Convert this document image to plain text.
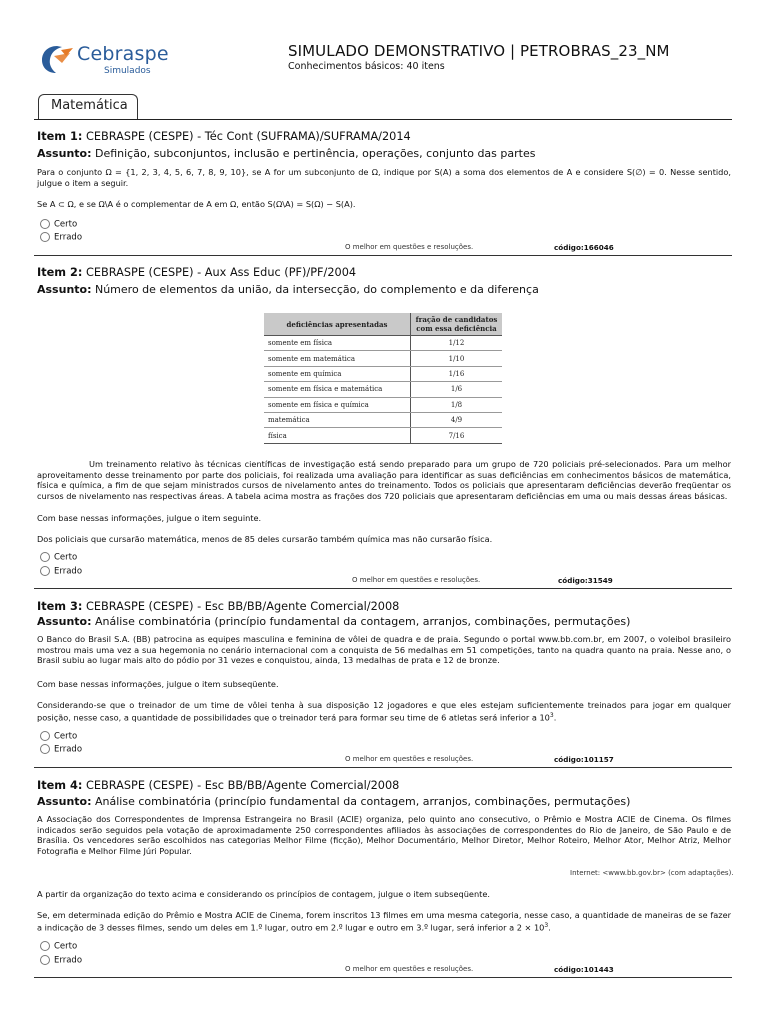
Cebraspe
Simulados
SIMULADO DEMONSTRATIVO | PETROBRAS_23_NM
Conhecimentos básicos: 40 itens
Matemática
Item 1: CEBRASPE (CESPE) - Téc Cont (SUFRAMA)/SUFRAMA/2014
Assunto: Definição, subconjuntos, inclusão e pertinência, operações, conjunto das partes
Para o conjunto Ω = {1, 2, 3, 4, 5, 6, 7, 8, 9, 10}, se A for um subconjunto de Ω, indique por S(A) a soma dos elementos de A e considere S(∅) = 0. Nesse sentido, julgue o item a seguir.
Se A ⊂ Ω, e se Ω\A é o complementar de A em Ω, então S(Ω\A) = S(Ω) − S(A).
Certo
Errado
O melhor em questões e resoluções.	código:166046
Item 2: CEBRASPE (CESPE) - Aux Ass Educ (PF)/PF/2004
Assunto: Número de elementos da união, da intersecção, do complemento e da diferença
deficiências apresentadas	fração de candidatos com essa deficiência
somente em física	1/12
somente em matemática	1/10
somente em química	1/16
somente em física e matemática	1/6
somente em física e química	1/8
matemática	4/9
física	7/16
Um treinamento relativo às técnicas científicas de investigação está sendo preparado para um grupo de 720 policiais pré-selecionados. Para um melhor aproveitamento desse treinamento por parte dos policiais, foi realizada uma avaliação para identificar as suas deficiências em conhecimentos básicos de matemática, física e química, a fim de que sejam ministrados cursos de nivelamento antes do treinamento. Todos os policiais que apresentaram deficiências deverão freqüentar os cursos de nivelamento nas respectivas áreas. A tabela acima mostra as frações dos 720 policiais que apresentaram deficiências em uma ou mais dessas áreas básicas.
Com base nessas informações, julgue o item seguinte.
Dos policiais que cursarão matemática, menos de 85 deles cursarão também química mas não cursarão física.
Certo
Errado
O melhor em questões e resoluções.	código:31549
Item 3: CEBRASPE (CESPE) - Esc BB/BB/Agente Comercial/2008
Assunto: Análise combinatória (princípio fundamental da contagem, arranjos, combinações, permutações)
O Banco do Brasil S.A. (BB) patrocina as equipes masculina e feminina de vôlei de quadra e de praia. Segundo o portal www.bb.com.br, em 2007, o voleibol brasileiro mostrou mais uma vez a sua hegemonia no cenário internacional com a conquista de 56 medalhas em 51 competições, tanto na quadra quanto na praia. Nesse ano, o Brasil subiu ao lugar mais alto do pódio por 31 vezes e conquistou, ainda, 13 medalhas de prata e 12 de bronze.
Com base nessas informações, julgue o item subseqüente.
Considerando-se que o treinador de um time de vôlei tenha à sua disposição 12 jogadores e que eles estejam suficientemente treinados para jogar em qualquer posição, nesse caso, a quantidade de possibilidades que o treinador terá para formar seu time de 6 atletas será inferior a $10^3$.
Certo
Errado
O melhor em questões e resoluções.	código:101157
Item 4: CEBRASPE (CESPE) - Esc BB/BB/Agente Comercial/2008
Assunto: Análise combinatória (princípio fundamental da contagem, arranjos, combinações, permutações)
A Associação dos Correspondentes de Imprensa Estrangeira no Brasil (ACIE) organiza, pelo quinto ano consecutivo, o Prêmio e Mostra ACIE de Cinema. Os filmes indicados serão seguidos pela votação de aproximadamente 250 correspondentes afiliados às associações de correspondentes do Rio de Janeiro, de São Paulo e de Brasília. Os vencedores serão escolhidos nas categorias Melhor Filme (ficção), Melhor Documentário, Melhor Diretor, Melhor Roteiro, Melhor Ator, Melhor Atriz, Melhor Fotografia e Melhor Filme Júri Popular.
Internet: <www.bb.gov.br> (com adaptações).
A partir da organização do texto acima e considerando os princípios de contagem, julgue o item subseqüente.
Se, em determinada edição do Prêmio e Mostra ACIE de Cinema, forem inscritos 13 filmes em uma mesma categoria, nesse caso, a quantidade de maneiras de se fazer a indicação de 3 desses filmes, sendo um deles em 1.º lugar, outro em 2.º lugar e outro em 3.º lugar, será inferior a $2 \times 10^3$.
Certo
Errado
O melhor em questões e resoluções.	código:101443
